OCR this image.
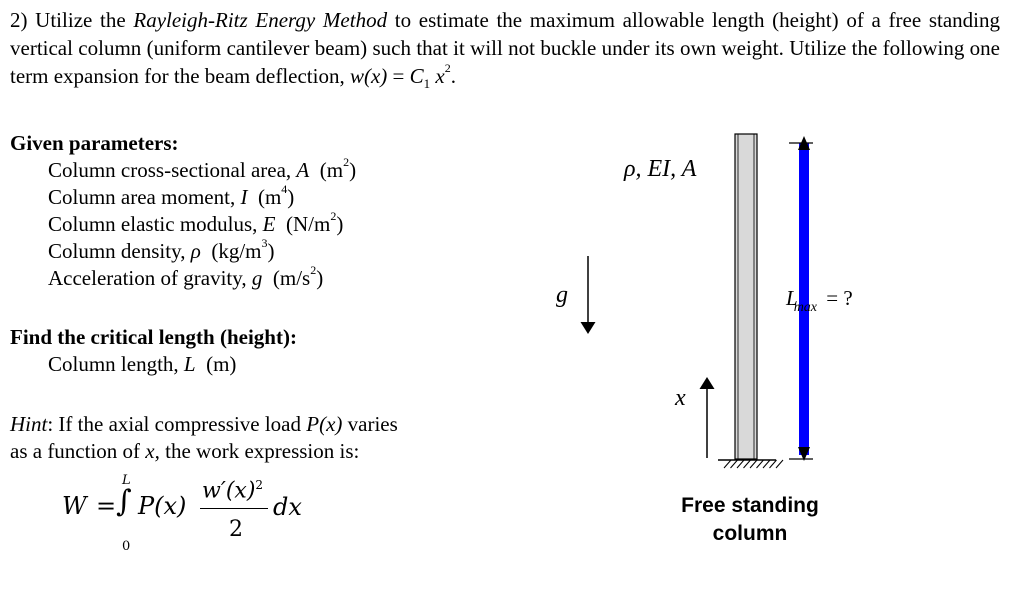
2) Utilize the Rayleigh-Ritz Energy Method to estimate the maximum allowable length (height) of a free standing vertical column (uniform cantilever beam) such that it will not buckle under its own weight. Utilize the following one term expansion for the beam deflection, $w(x) = C_1$ $x^2$.
Given parameters:
Column cross-sectional area, A $(m^2)$
Column area moment, I $(m^4)$
Column elastic modulus, E $(N/m^2)$
Column density, ρ $(kg/m^3)$
Acceleration of gravity, g $(m/s^2)$
Find the critical length (height):
Column length, L (m)
Hint: If the axial compressive load P(x) varies
as a function of x, the work expression is:
W =
L
∫
0
P(x)
$w'(x)^2$
2
dx
ρ, EI, A
g
x
$L_{max}$ = ?
Free standing
column
